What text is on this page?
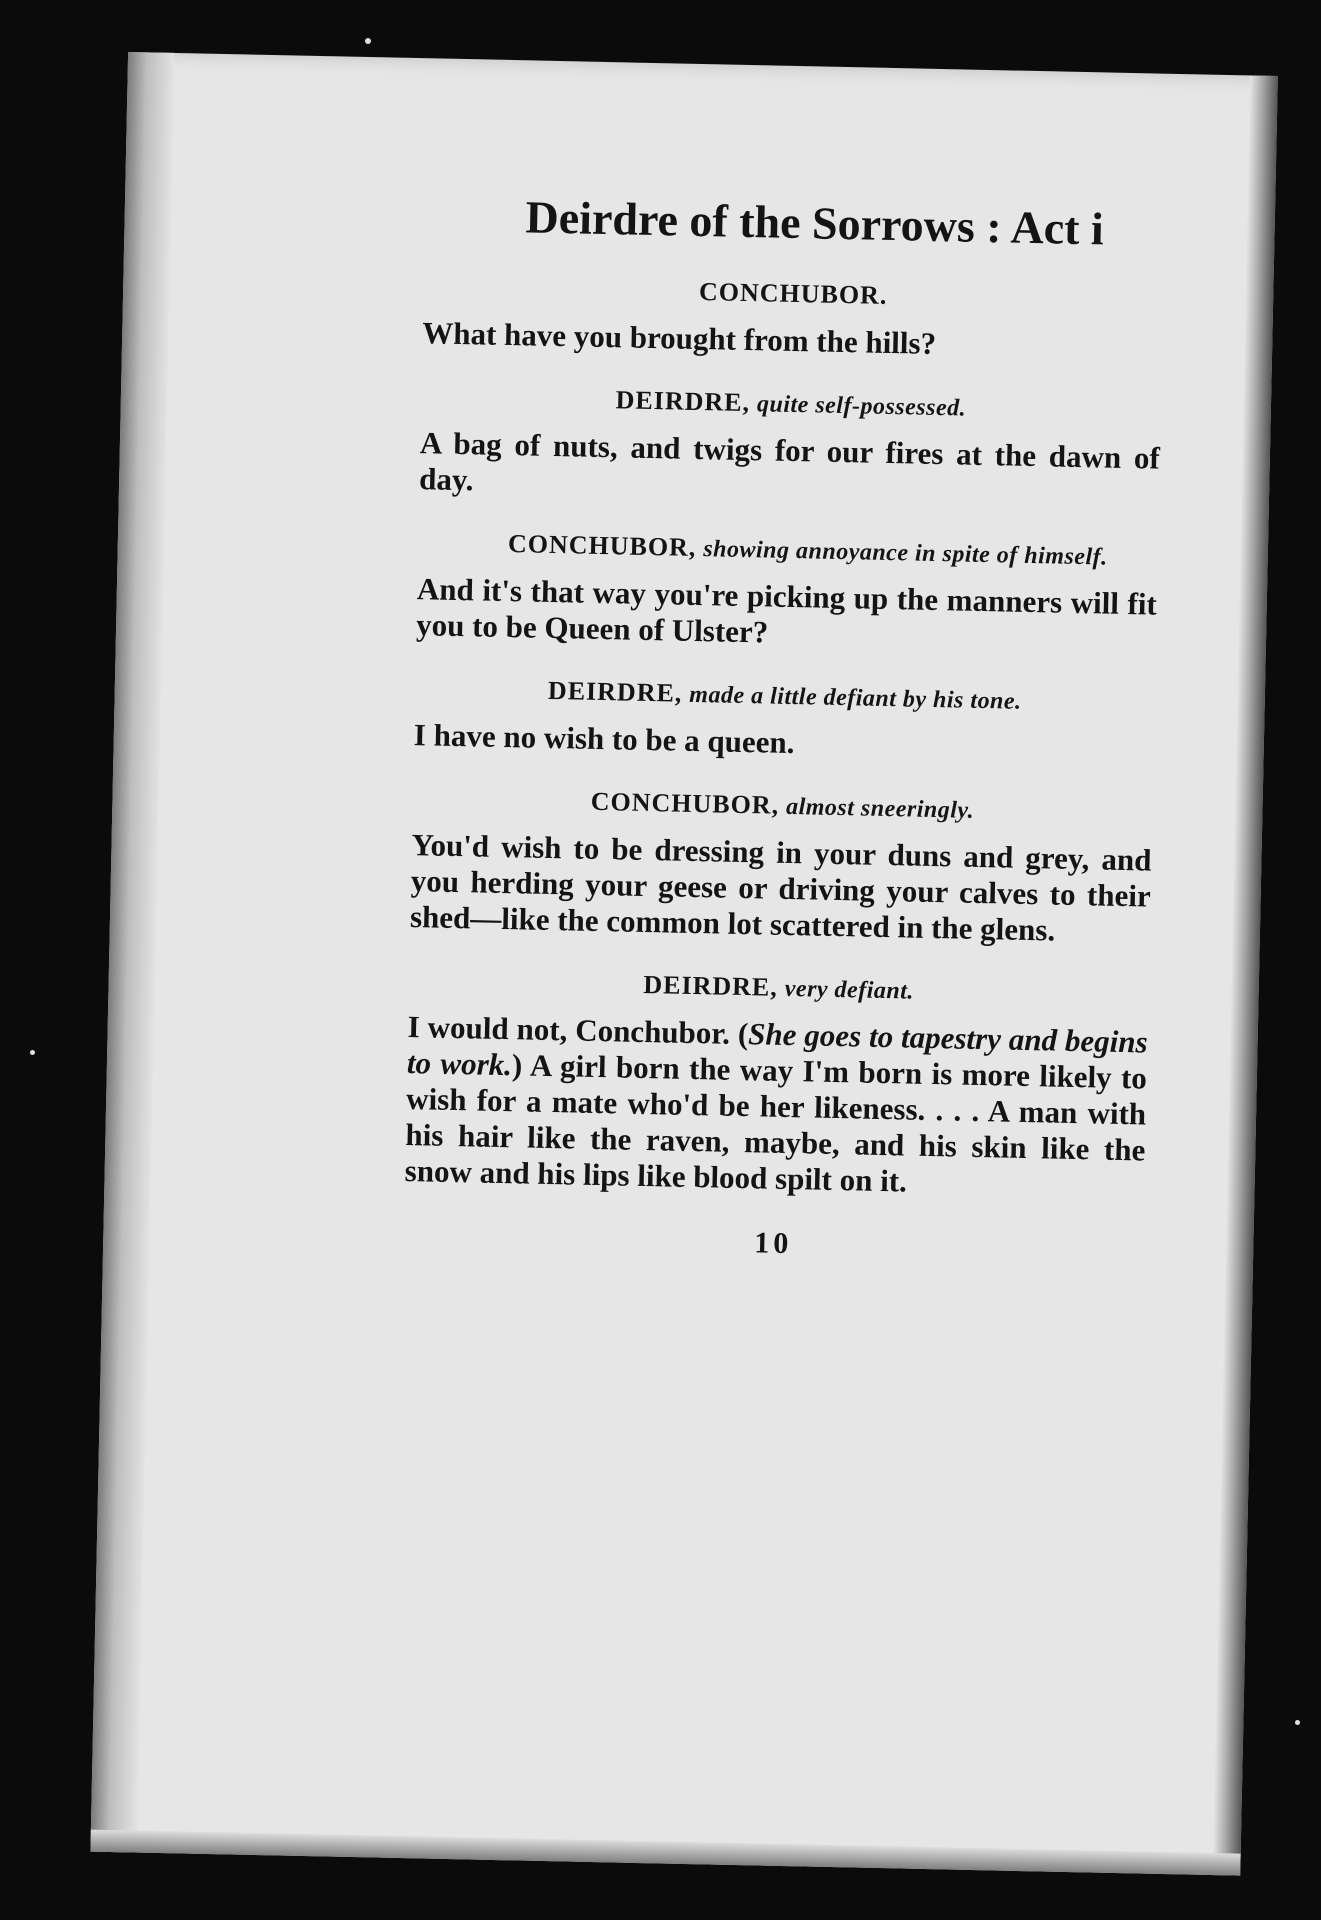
Deirdre of the Sorrows : Act i
CONCHUBOR.
What have you brought from the hills?
DEIRDRE, quite self-possessed.
A bag of nuts, and twigs for our fires at the dawn of day.
CONCHUBOR, showing annoyance in spite of himself.
And it's that way you're picking up the manners will fit you to be Queen of Ulster?
DEIRDRE, made a little defiant by his tone.
I have no wish to be a queen.
CONCHUBOR, almost sneeringly.
You'd wish to be dressing in your duns and grey, and you herding your geese or driving your calves to their shed—like the common lot scattered in the glens.
DEIRDRE, very defiant.
I would not, Conchubor. (She goes to tapestry and begins to work.) A girl born the way I'm born is more likely to wish for a mate who'd be her likeness. . . . A man with his hair like the raven, maybe, and his skin like the snow and his lips like blood spilt on it.
10
